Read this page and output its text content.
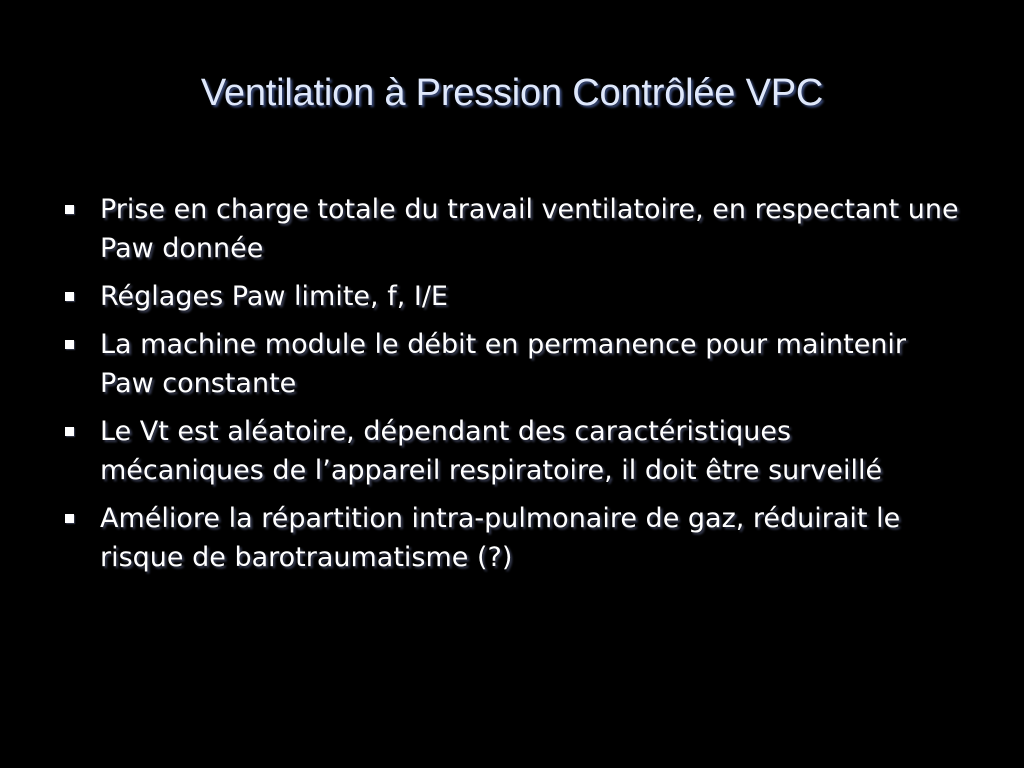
Ventilation à Pression Contrôlée VPC
Prise en charge totale du travail ventilatoire, en respectant une Paw donnée
Réglages Paw limite, f, I/E
La machine module le débit en permanence pour maintenir Paw constante
Le Vt est aléatoire, dépendant des caractéristiques mécaniques de l’appareil respiratoire, il doit être surveillé
Améliore la répartition intra-pulmonaire de gaz, réduirait le risque de barotraumatisme (?)
